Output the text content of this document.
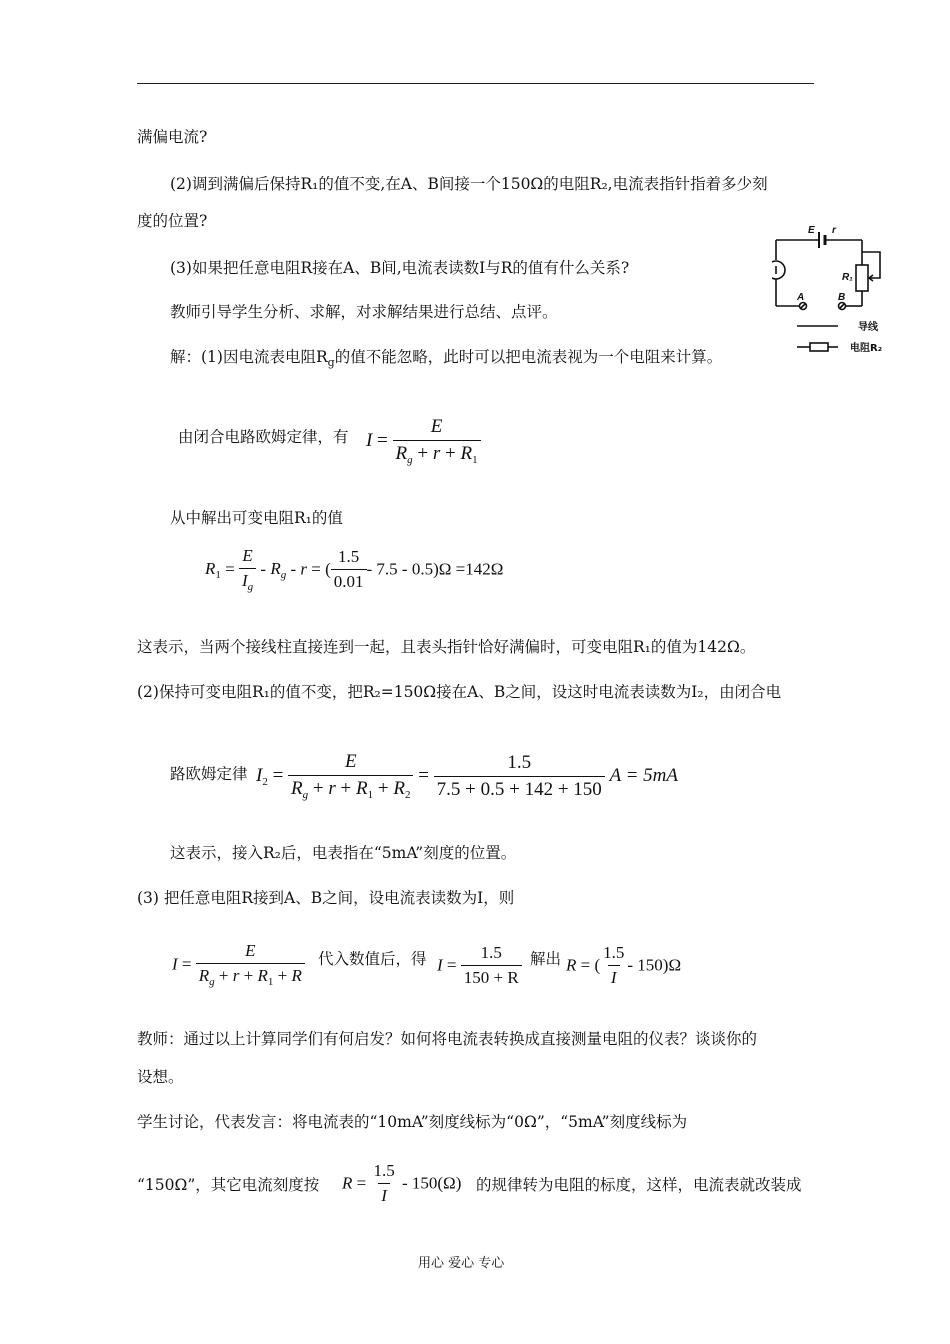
满偏电流?
(2)调到满偏后保持R₁的值不变,在A、B间接一个150Ω的电阻R₂,电流表指针指着多少刻
度的位置?
(3)如果把任意电阻R接在A、B间,电流表读数I与R的值有什么关系?
教师引导学生分析、求解，对求解结果进行总结、点评。
解：(1)因电流表电阻$R_g$的值不能忽略，此时可以把电流表视为一个电阻来计算。
E r
R₁
A	B
导线
电阻R₂
由闭合电路欧姆定律，有 $I = \frac{E}{R_g + r + R_1}$
从中解出可变电阻R₁的值
$R_1 = \frac{E}{I_g} - R_g - r$ = ( $\frac{1.5}{0.01} - 7.5 - 0.5)\Omega =142\Omega$
这表示，当两个接线柱直接连到一起，且表头指针恰好满偏时，可变电阻R₁的值为142Ω。
(2)保持可变电阻R₁的值不变，把R₂=150Ω接在A、B之间，设这时电流表读数为I₂，由闭合电
路欧姆定律 $I_2 = \frac{E}{R_g + r + R_1 + R_2} = \frac{1.5}{7.5 + 0.5 + 142 + 150}$ A = 5mA
这表示，接入R₂后，电表指在“5mA”刻度的位置。
(3) 把任意电阻R接到A、B之间，设电流表读数为I，则
$I = \frac{E}{R_g + r + R_1 + R}$ 代入数值后，得 $I = \frac{1.5}{150 + R}$ 解出 R = ( $\frac{1.5}{I} - 150)\Omega$
教师：通过以上计算同学们有何启发？如何将电流表转换成直接测量电阻的仪表？谈谈你的
设想。
学生讨论，代表发言：将电流表的“10mA”刻度线标为“0Ω”，“5mA”刻度线标为
“150Ω”，其它电流刻度按 $R = \frac{1.5}{I} - 150(\Omega)$ 的规律转为电阻的标度，这样，电流表就改装成
用心 爱心 专心
